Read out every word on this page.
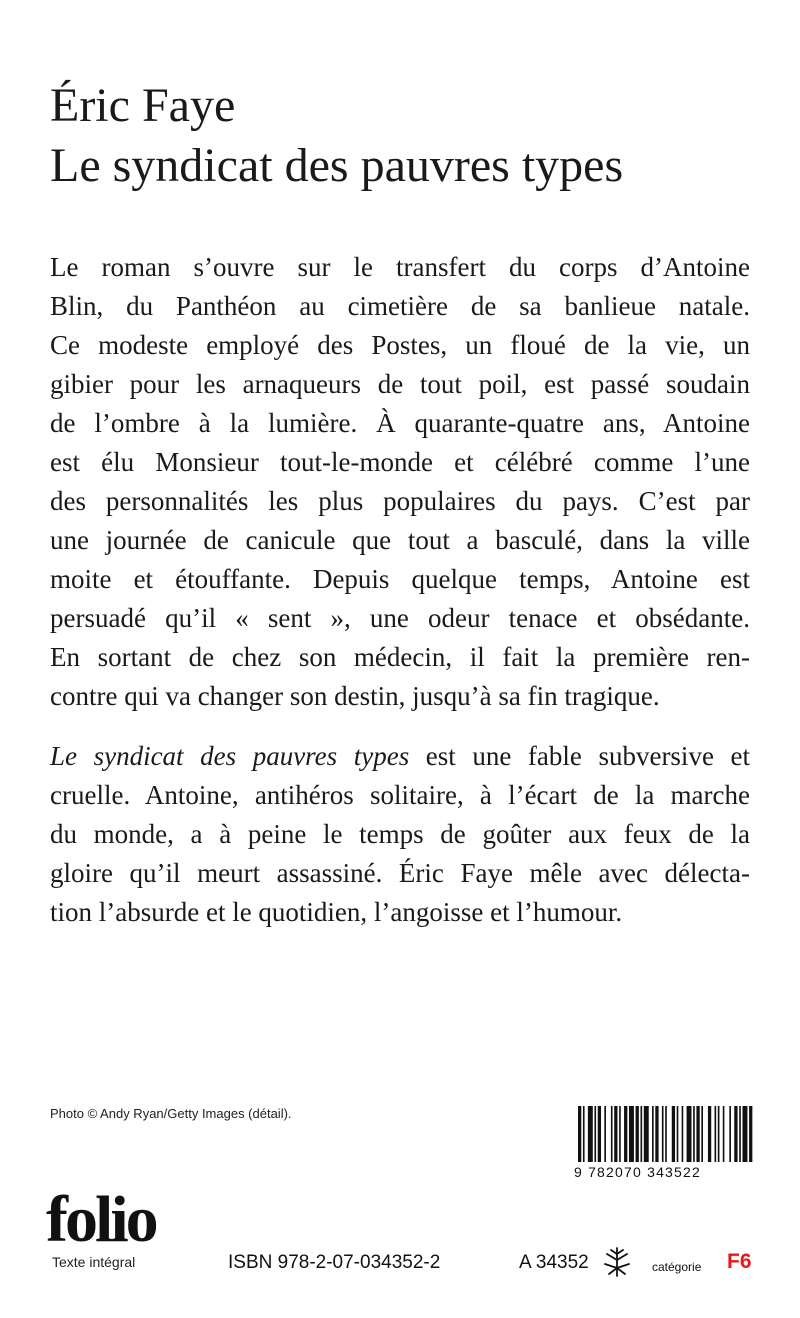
Éric Faye
Le syndicat des pauvres types
Le roman s’ouvre sur le transfert du corps d’Antoine
Blin, du Panthéon au cimetière de sa banlieue natale.
Ce modeste employé des Postes, un floué de la vie, un
gibier pour les arnaqueurs de tout poil, est passé soudain
de l’ombre à la lumière. À quarante-quatre ans, Antoine
est élu Monsieur tout-le-monde et célébré comme l’une
des personnalités les plus populaires du pays. C’est par
une journée de canicule que tout a basculé, dans la ville
moite et étouffante. Depuis quelque temps, Antoine est
persuadé qu’il « sent », une odeur tenace et obsédante.
En sortant de chez son médecin, il fait la première ren-
contre qui va changer son destin, jusqu’à sa fin tragique.
Le syndicat des pauvres types est une fable subversive et
cruelle. Antoine, antihéros solitaire, à l’écart de la marche
du monde, a à peine le temps de goûter aux feux de la
gloire qu’il meurt assassiné. Éric Faye mêle avec délecta-
tion l’absurde et le quotidien, l’angoisse et l’humour.
Photo © Andy Ryan/Getty Images (détail).
9 782070 343522
folio
Texte intégral	ISBN 978-2-07-034352-2	A 34352	catégorie F6
